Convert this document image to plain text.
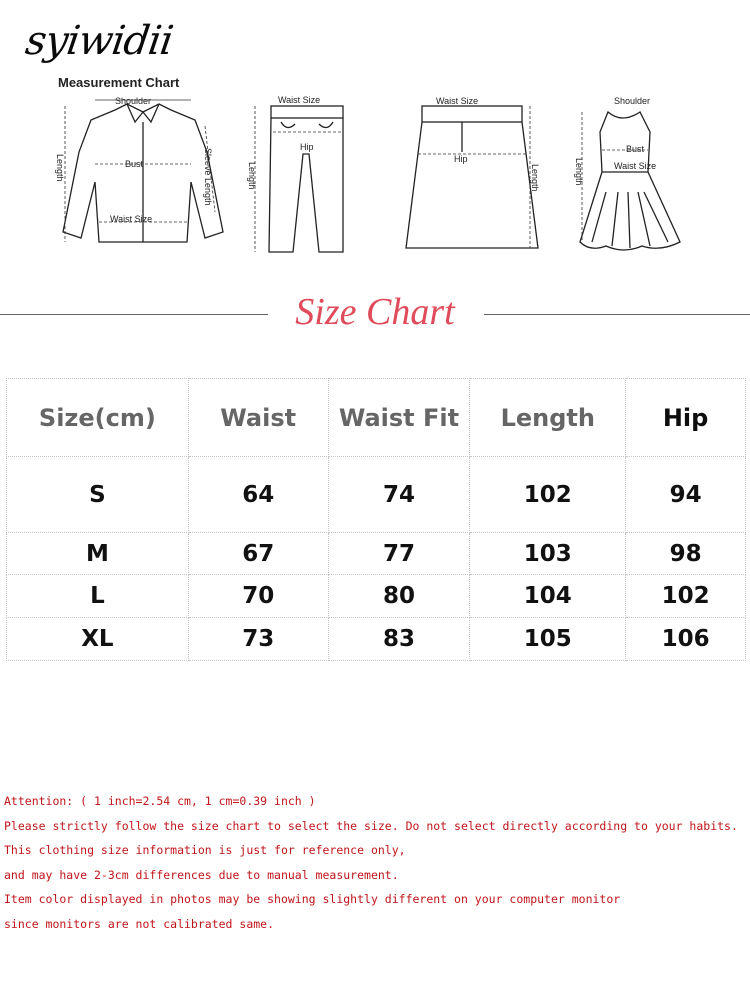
syiwidii
Measurement Chart
Shoulder
Bust
Waist Size
Length	Sleeve Length
Waist Size
Hip
Length
Waist Size
Hip
Length
Shoulder
Bust
Waist Size
Length
Size Chart
Size(cm)	Waist	Waist Fit	Length	Hip
S	64	74	102	94
M	67	77	103	98
L	70	80	104	102
XL	73	83	105	106
Attention: ( 1 inch=2.54 cm, 1 cm=0.39 inch )
Please strictly follow the size chart to select the size. Do not select directly according to your habits.
This clothing size information is just for reference only,
and may have 2-3cm differences due to manual measurement.
Item color displayed in photos may be showing slightly different on your computer monitor
since monitors are not calibrated same.
